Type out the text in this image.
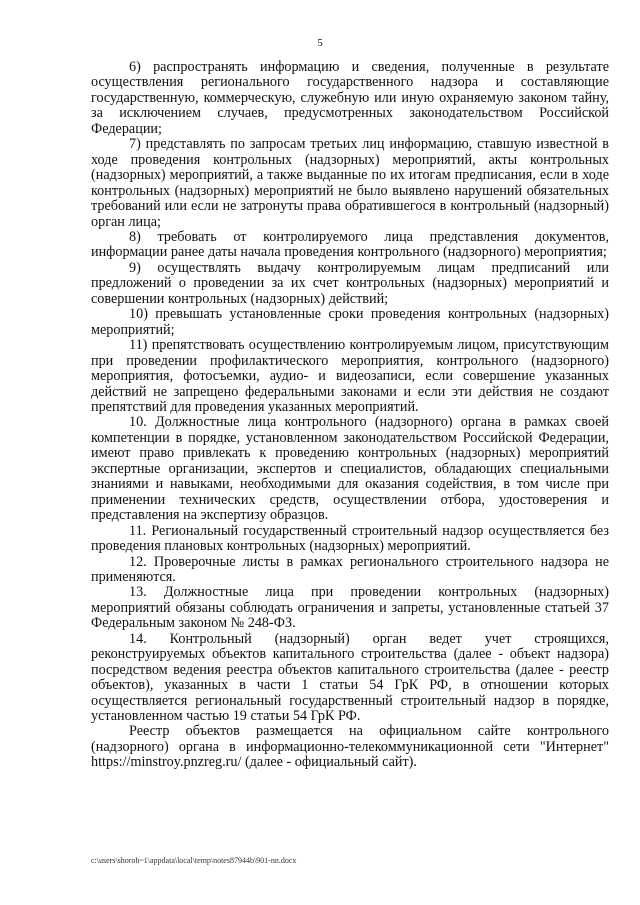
5

6) распространять информацию и сведения, полученные в результате осуществления регионального государственного надзора и составляющие государственную, коммерческую, служебную или иную охраняемую законом тайну, за исключением случаев, предусмотренных законодательством Российской Федерации;

7) представлять по запросам третьих лиц информацию, ставшую известной в ходе проведения контрольных (надзорных) мероприятий, акты контрольных (надзорных) мероприятий, а также выданные по их итогам предписания, если в ходе контрольных (надзорных) мероприятий не было выявлено нарушений обязательных требований или если не затронуты права обратившегося в контрольный (надзорный) орган лица;

8) требовать от контролируемого лица представления документов, информации ранее даты начала проведения контрольного (надзорного) мероприятия;

9) осуществлять выдачу контролируемым лицам предписаний или предложений о проведении за их счет контрольных (надзорных) мероприятий и совершении контрольных (надзорных) действий;

10) превышать установленные сроки проведения контрольных (надзорных) мероприятий;

11) препятствовать осуществлению контролируемым лицом, присутствующим при проведении профилактического мероприятия, контрольного (надзорного) мероприятия, фотосъемки, аудио- и видеозаписи, если совершение указанных действий не запрещено федеральными законами и если эти действия не создают препятствий для проведения указанных мероприятий.

10. Должностные лица контрольного (надзорного) органа в рамках своей компетенции в порядке, установленном законодательством Российской Федерации, имеют право привлекать к проведению контрольных (надзорных) мероприятий экспертные организации, экспертов и специалистов, обладающих специальными знаниями и навыками, необходимыми для оказания содействия, в том числе при применении технических средств, осуществлении отбора, удостоверения и представления на экспертизу образцов.

11. Региональный государственный строительный надзор осуществляется без проведения плановых контрольных (надзорных) мероприятий.

12. Проверочные листы в рамках регионального строительного надзора не применяются.

13. Должностные лица при проведении контрольных (надзорных) мероприятий обязаны соблюдать ограничения и запреты, установленные статьей 37 Федеральным законом № 248-ФЗ.

14. Контрольный (надзорный) орган ведет учет строящихся, реконструируемых объектов капитального строительства (далее - объект надзора) посредством ведения реестра объектов капитального строительства (далее - реестр объектов), указанных в части 1 статьи 54 ГрК РФ, в отношении которых осуществляется региональный государственный строительный надзор в порядке, установленном частью 19 статьи 54 ГрК РФ.

Реестр объектов размещается на официальном сайте контрольного (надзорного) органа в информационно-телекоммуникационной сети "Интернет" https://minstroy.pnzreg.ru/ (далее - официальный сайт).

c:\users\shoroh~1\appdata\local\temp\notes87944b\901-nn.docx
